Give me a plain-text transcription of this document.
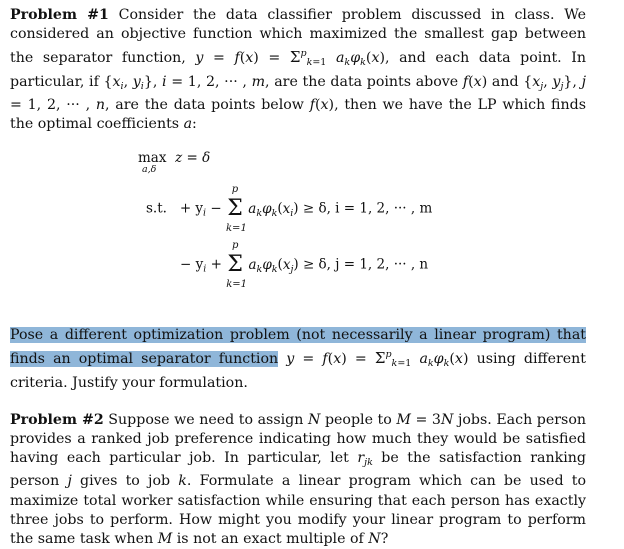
Problem #1 Consider the data classifier problem discussed in class. We considered an objective function which maximized the smallest gap between the separator function, $y = f(x) = \Sigma^p_{k=1}$ $a_k\varphi_k(x)$, and each data point. In particular, if {$x_i$, $y_i$}, i = 1, 2, ··· , m, are the data points above f(x) and {$x_j$, $y_j$}, j = 1, 2, ··· , n, are the data points below f(x), then we have the LP which finds the optimal coefficients a:

max
a,δ
z = δ
s.t. + $y_i$ −
p
Σ
k=1
$a_k\varphi_k(x_i) \ge \delta$, i = 1, 2, ··· , m
− $y_i$ +
p
Σ
k=1
$a_k\varphi_k(x_j) \ge \delta$, j = 1, 2, ··· , n

Pose a different optimization problem (not necessarily a linear program) that finds an optimal separator function $y = f(x) = \Sigma^p_{k=1}$ $a_k\varphi_k(x)$ using different criteria. Justify your formulation.

Problem #2 Suppose we need to assign N people to M = 3N jobs. Each person provides a ranked job preference indicating how much they would be satisfied having each particular job. In particular, let $r_{jk}$ be the satisfaction ranking person j gives to job k. Formulate a linear program which can be used to maximize total worker satisfaction while ensuring that each person has exactly three jobs to perform. How might you modify your linear program to perform the same task when M is not an exact multiple of N?
